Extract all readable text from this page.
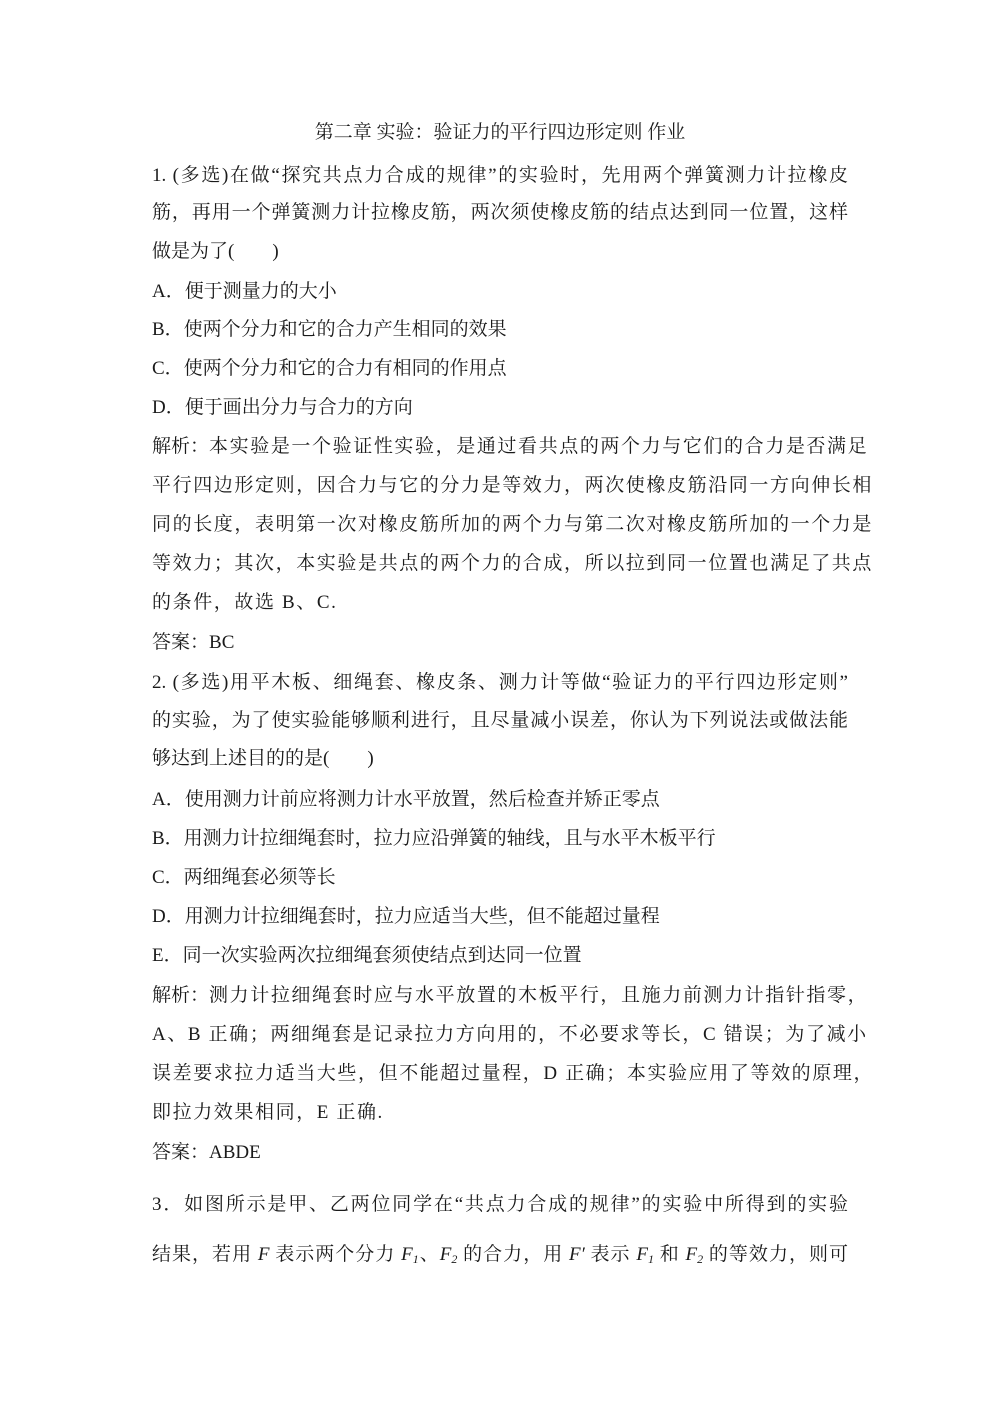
第二章 实验：验证力的平行四边形定则 作业
1. (多选)在做“探究共点力合成的规律”的实验时，先用两个弹簧测力计拉橡皮
筋，再用一个弹簧测力计拉橡皮筋，两次须使橡皮筋的结点达到同一位置，这样
做是为了(　　)
A．便于测量力的大小
B．使两个分力和它的合力产生相同的效果
C．使两个分力和它的合力有相同的作用点
D．便于画出分力与合力的方向
解析：本实验是一个验证性实验，是通过看共点的两个力与它们的合力是否满足
平行四边形定则，因合力与它的分力是等效力，两次使橡皮筋沿同一方向伸长相
同的长度，表明第一次对橡皮筋所加的两个力与第二次对橡皮筋所加的一个力是
等效力；其次，本实验是共点的两个力的合成，所以拉到同一位置也满足了共点
的条件，故选 B、C.
答案：BC
2. (多选)用平木板、细绳套、橡皮条、测力计等做“验证力的平行四边形定则”
的实验，为了使实验能够顺利进行，且尽量减小误差，你认为下列说法或做法能
够达到上述目的的是(　　)
A．使用测力计前应将测力计水平放置，然后检查并矫正零点
B．用测力计拉细绳套时，拉力应沿弹簧的轴线，且与水平木板平行
C．两细绳套必须等长
D．用测力计拉细绳套时，拉力应适当大些，但不能超过量程
E．同一次实验两次拉细绳套须使结点到达同一位置
解析：测力计拉细绳套时应与水平放置的木板平行，且施力前测力计指针指零，
A、B 正确；两细绳套是记录拉力方向用的，不必要求等长，C 错误；为了减小
误差要求拉力适当大些，但不能超过量程，D 正确；本实验应用了等效的原理，
即拉力效果相同，E 正确.
答案：ABDE
3．如图所示是甲、乙两位同学在“共点力合成的规律”的实验中所得到的实验
结果，若用 F 表示两个分力 $F_1$、$F_2$ 的合力，用 F′ 表示 $F_1$ 和 $F_2$ 的等效力，则可
